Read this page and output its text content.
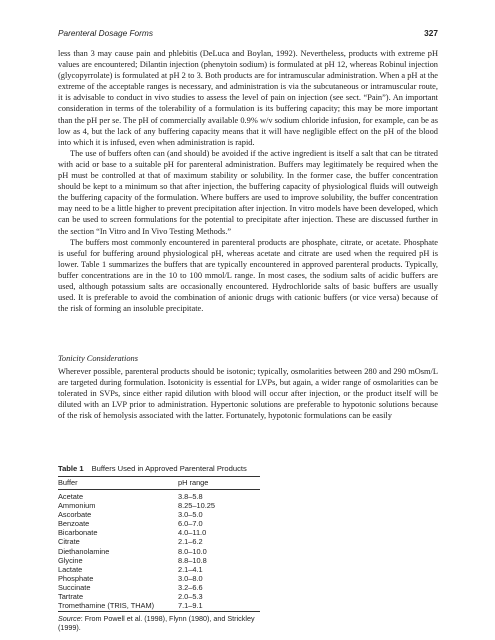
Parenteral Dosage Forms	327

less than 3 may cause pain and phlebitis (DeLuca and Boylan, 1992). Nevertheless, products with extreme pH values are encountered; Dilantin injection (phenytoin sodium) is formulated at pH 12, whereas Robinul injection (glycopyrrolate) is formulated at pH 2 to 3. Both products are for intramuscular administration. When a pH at the extreme of the acceptable ranges is necessary, and administration is via the subcutaneous or intramuscular route, it is advisable to conduct in vivo studies to assess the level of pain on injection (see sect. “Pain”). An important consideration in terms of the tolerability of a formulation is its buffering capacity; this may be more important than the pH per se. The pH of commercially available 0.9% w/v sodium chloride infusion, for example, can be as low as 4, but the lack of any buffering capacity means that it will have negligible effect on the pH of the blood into which it is infused, even when administration is rapid.

The use of buffers often can (and should) be avoided if the active ingredient is itself a salt that can be titrated with acid or base to a suitable pH for parenteral administration. Buffers may legitimately be required when the pH must be controlled at that of maximum stability or solubility. In the former case, the buffer concentration should be kept to a minimum so that after injection, the buffering capacity of physiological fluids will outweigh the buffering capacity of the formulation. Where buffers are used to improve solubility, the buffer concentration may need to be a little higher to prevent precipitation after injection. In vitro models have been developed, which can be used to screen formulations for the potential to precipitate after injection. These are discussed further in the section “In Vitro and In Vivo Testing Methods.”

The buffers most commonly encountered in parenteral products are phosphate, citrate, or acetate. Phosphate is useful for buffering around physiological pH, whereas acetate and citrate are used when the required pH is lower. Table 1 summarizes the buffers that are typically encountered in approved parenteral products. Typically, buffer concentrations are in the 10 to 100 mmol/L range. In most cases, the sodium salts of acidic buffers are used, although potassium salts are occasionally encountered. Hydrochloride salts of basic buffers are usually used. It is preferable to avoid the combination of anionic drugs with cationic buffers (or vice versa) because of the risk of forming an insoluble precipitate.

Tonicity Considerations
Wherever possible, parenteral products should be isotonic; typically, osmolarities between 280 and 290 mOsm/L are targeted during formulation. Isotonicity is essential for LVPs, but again, a wider range of osmolarities can be tolerated in SVPs, since either rapid dilution with blood will occur after injection, or the product itself will be diluted with an LVP prior to administration. Hypertonic solutions are preferable to hypotonic solutions because of the risk of hemolysis associated with the latter. Fortunately, hypotonic formulations can be easily
Table 1 Buffers Used in Approved Parenteral Products
Buffer	pH range
Acetate	3.8–5.8
Ammonium	8.25–10.25
Ascorbate	3.0–5.0
Benzoate	6.0–7.0
Bicarbonate	4.0–11.0
Citrate	2.1–6.2
Diethanolamine	8.0–10.0
Glycine	8.8–10.8
Lactate	2.1–4.1
Phosphate	3.0–8.0
Succinate	3.2–6.6
Tartrate	2.0–5.3
Tromethamine (TRIS, THAM)	7.1–9.1
Source: From Powell et al. (1998), Flynn (1980), and Strickley (1999).
